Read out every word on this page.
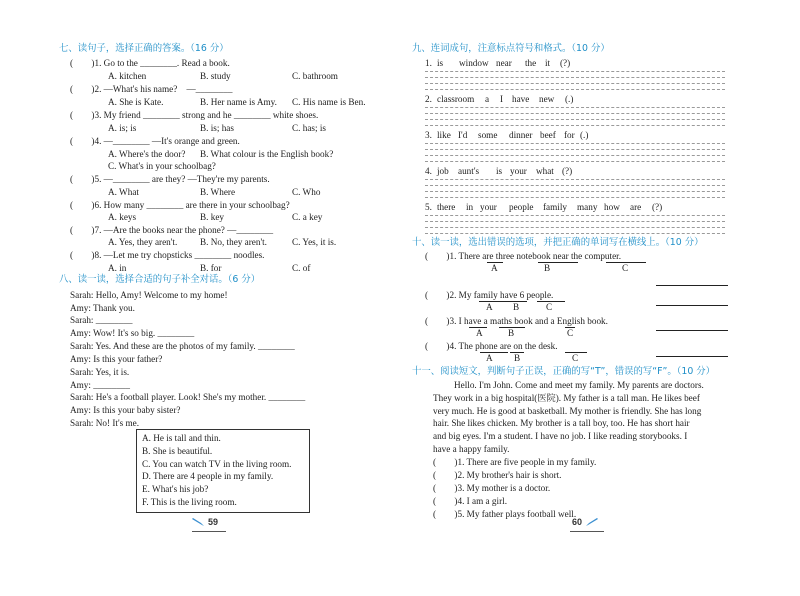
七、读句子，选择正确的答案。（16 分）
(　　)1. Go to the ________. Read a book.
A. kitchen	B. study	C. bathroom
(　　)2. —What's his name?　—________
A. She is Kate.	B. Her name is Amy. C. His name is Ben.
(　　)3. My friend ________ strong and he ________ white shoes.
A. is; is	B. is; has	C. has; is
(　　)4. —________ —It's orange and green.
A. Where's the door? B. What colour is the English book?
C. What's in your schoolbag?
(　　)5. —________ are they? —They're my parents.
A. What	B. Where	C. Who
(　　)6. How many ________ are there in your schoolbag?
A. keys	B. key	C. a key
(　　)7. —Are the books near the phone? —________
A. Yes, they aren't. B. No, they aren't.	C. Yes, it is.
(　　)8. —Let me try chopsticks ________ noodles.
A. in	B. for	C. of
八、读一读，选择合适的句子补全对话。（6 分）
Sarah: Hello, Amy! Welcome to my home!
Amy: Thank you.
Sarah: ________
Amy: Wow! It's so big. ________
Sarah: Yes. And these are the photos of my family. ________
Amy: Is this your father?
Sarah: Yes, it is.
Amy: ________
Sarah: He's a football player. Look! She's my mother. ________
Amy: Is this your baby sister?
Sarah: No! It's me.
A. He is tall and thin.
B. She is beautiful.
C. You can watch TV in the living room.
D. There are 4 people in my family.
E. What's his job?
F. This is the living room.
59
九、连词成句，注意标点符号和格式。（10 分）
1. is window near the it (?)
2. classroom a I have new (.)
3. like I'd some dinner beef for (.)
4. job aunt's is your what (?)
5. there in your people family many how are (?)
十、读一读，选出错误的选项，并把正确的单词写在横线上。（10 分）
(　　)1. There are three notebook near the computer.
A	B	C
(　　)2. My family have 6 people.
A B	C
(　　)3. I have a maths book and a English book.
A	B	C
(　　)4. The phone are on the desk.
A B	C
十一、阅读短文，判断句子正误，正确的写“T”，错误的写“F”。（10 分）
Hello. I'm John. Come and meet my family. My parents are doctors.
They work in a big hospital(医院). My father is a tall man. He likes beef
very much. He is good at basketball. My mother is friendly. She has long
hair. She likes chicken. My brother is a tall boy, too. He has short hair
and big eyes. I'm a student. I have no job. I like reading storybooks. I
have a happy family.
(　　)1. There are five people in my family.
(　　)2. My brother's hair is short.
(　　)3. My mother is a doctor.
(　　)4. I am a girl.
(　　)5. My father plays football well.
60
